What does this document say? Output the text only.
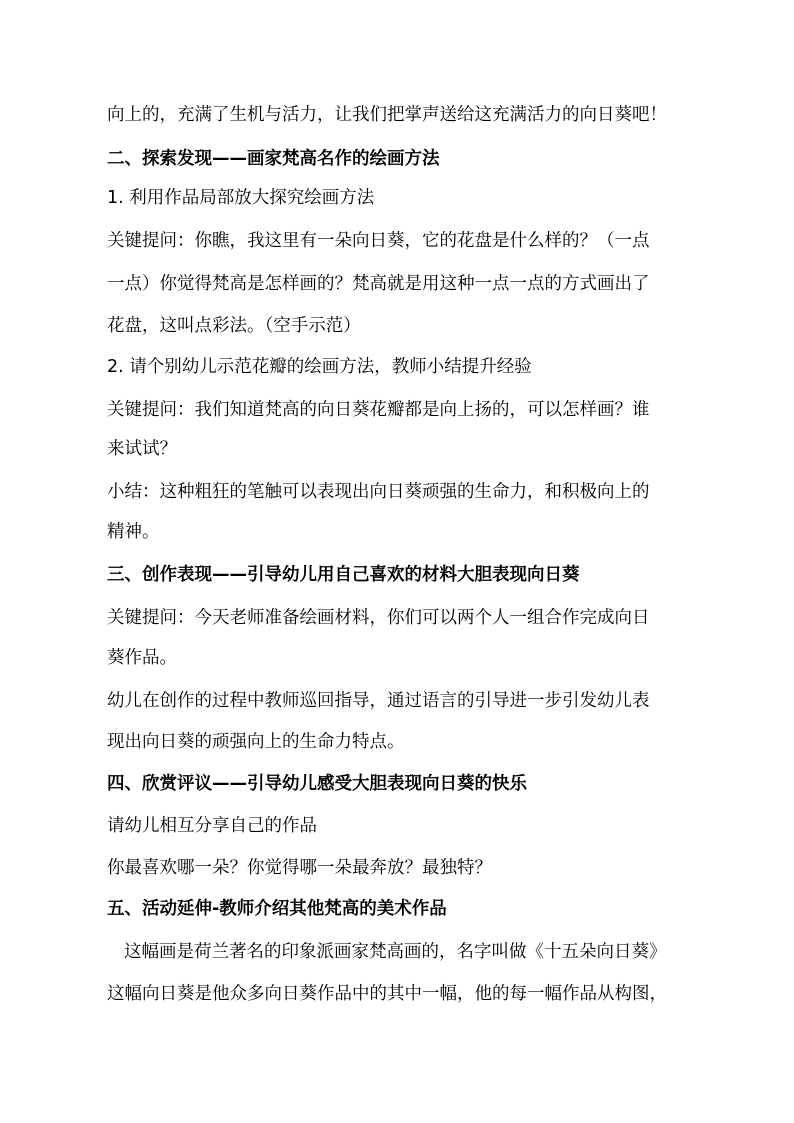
向上的，充满了生机与活力，让我们把掌声送给这充满活力的向日葵吧！
二、探索发现——画家梵高名作的绘画方法
1. 利用作品局部放大探究绘画方法
关键提问：你瞧，我这里有一朵向日葵，它的花盘是什么样的？（一点
一点）你觉得梵高是怎样画的？梵高就是用这种一点一点的方式画出了
花盘，这叫点彩法。（空手示范）
2. 请个别幼儿示范花瓣的绘画方法，教师小结提升经验
关键提问：我们知道梵高的向日葵花瓣都是向上扬的，可以怎样画？谁
来试试？
小结：这种粗狂的笔触可以表现出向日葵顽强的生命力，和积极向上的
精神。
三、创作表现——引导幼儿用自己喜欢的材料大胆表现向日葵
关键提问：今天老师准备绘画材料，你们可以两个人一组合作完成向日
葵作品。
幼儿在创作的过程中教师巡回指导，通过语言的引导进一步引发幼儿表
现出向日葵的顽强向上的生命力特点。
四、欣赏评议——引导幼儿感受大胆表现向日葵的快乐
请幼儿相互分享自己的作品
你最喜欢哪一朵？你觉得哪一朵最奔放？最独特？
五、活动延伸-教师介绍其他梵高的美术作品
这幅画是荷兰著名的印象派画家梵高画的，名字叫做《十五朵向日葵》
这幅向日葵是他众多向日葵作品中的其中一幅，他的每一幅作品从构图，
